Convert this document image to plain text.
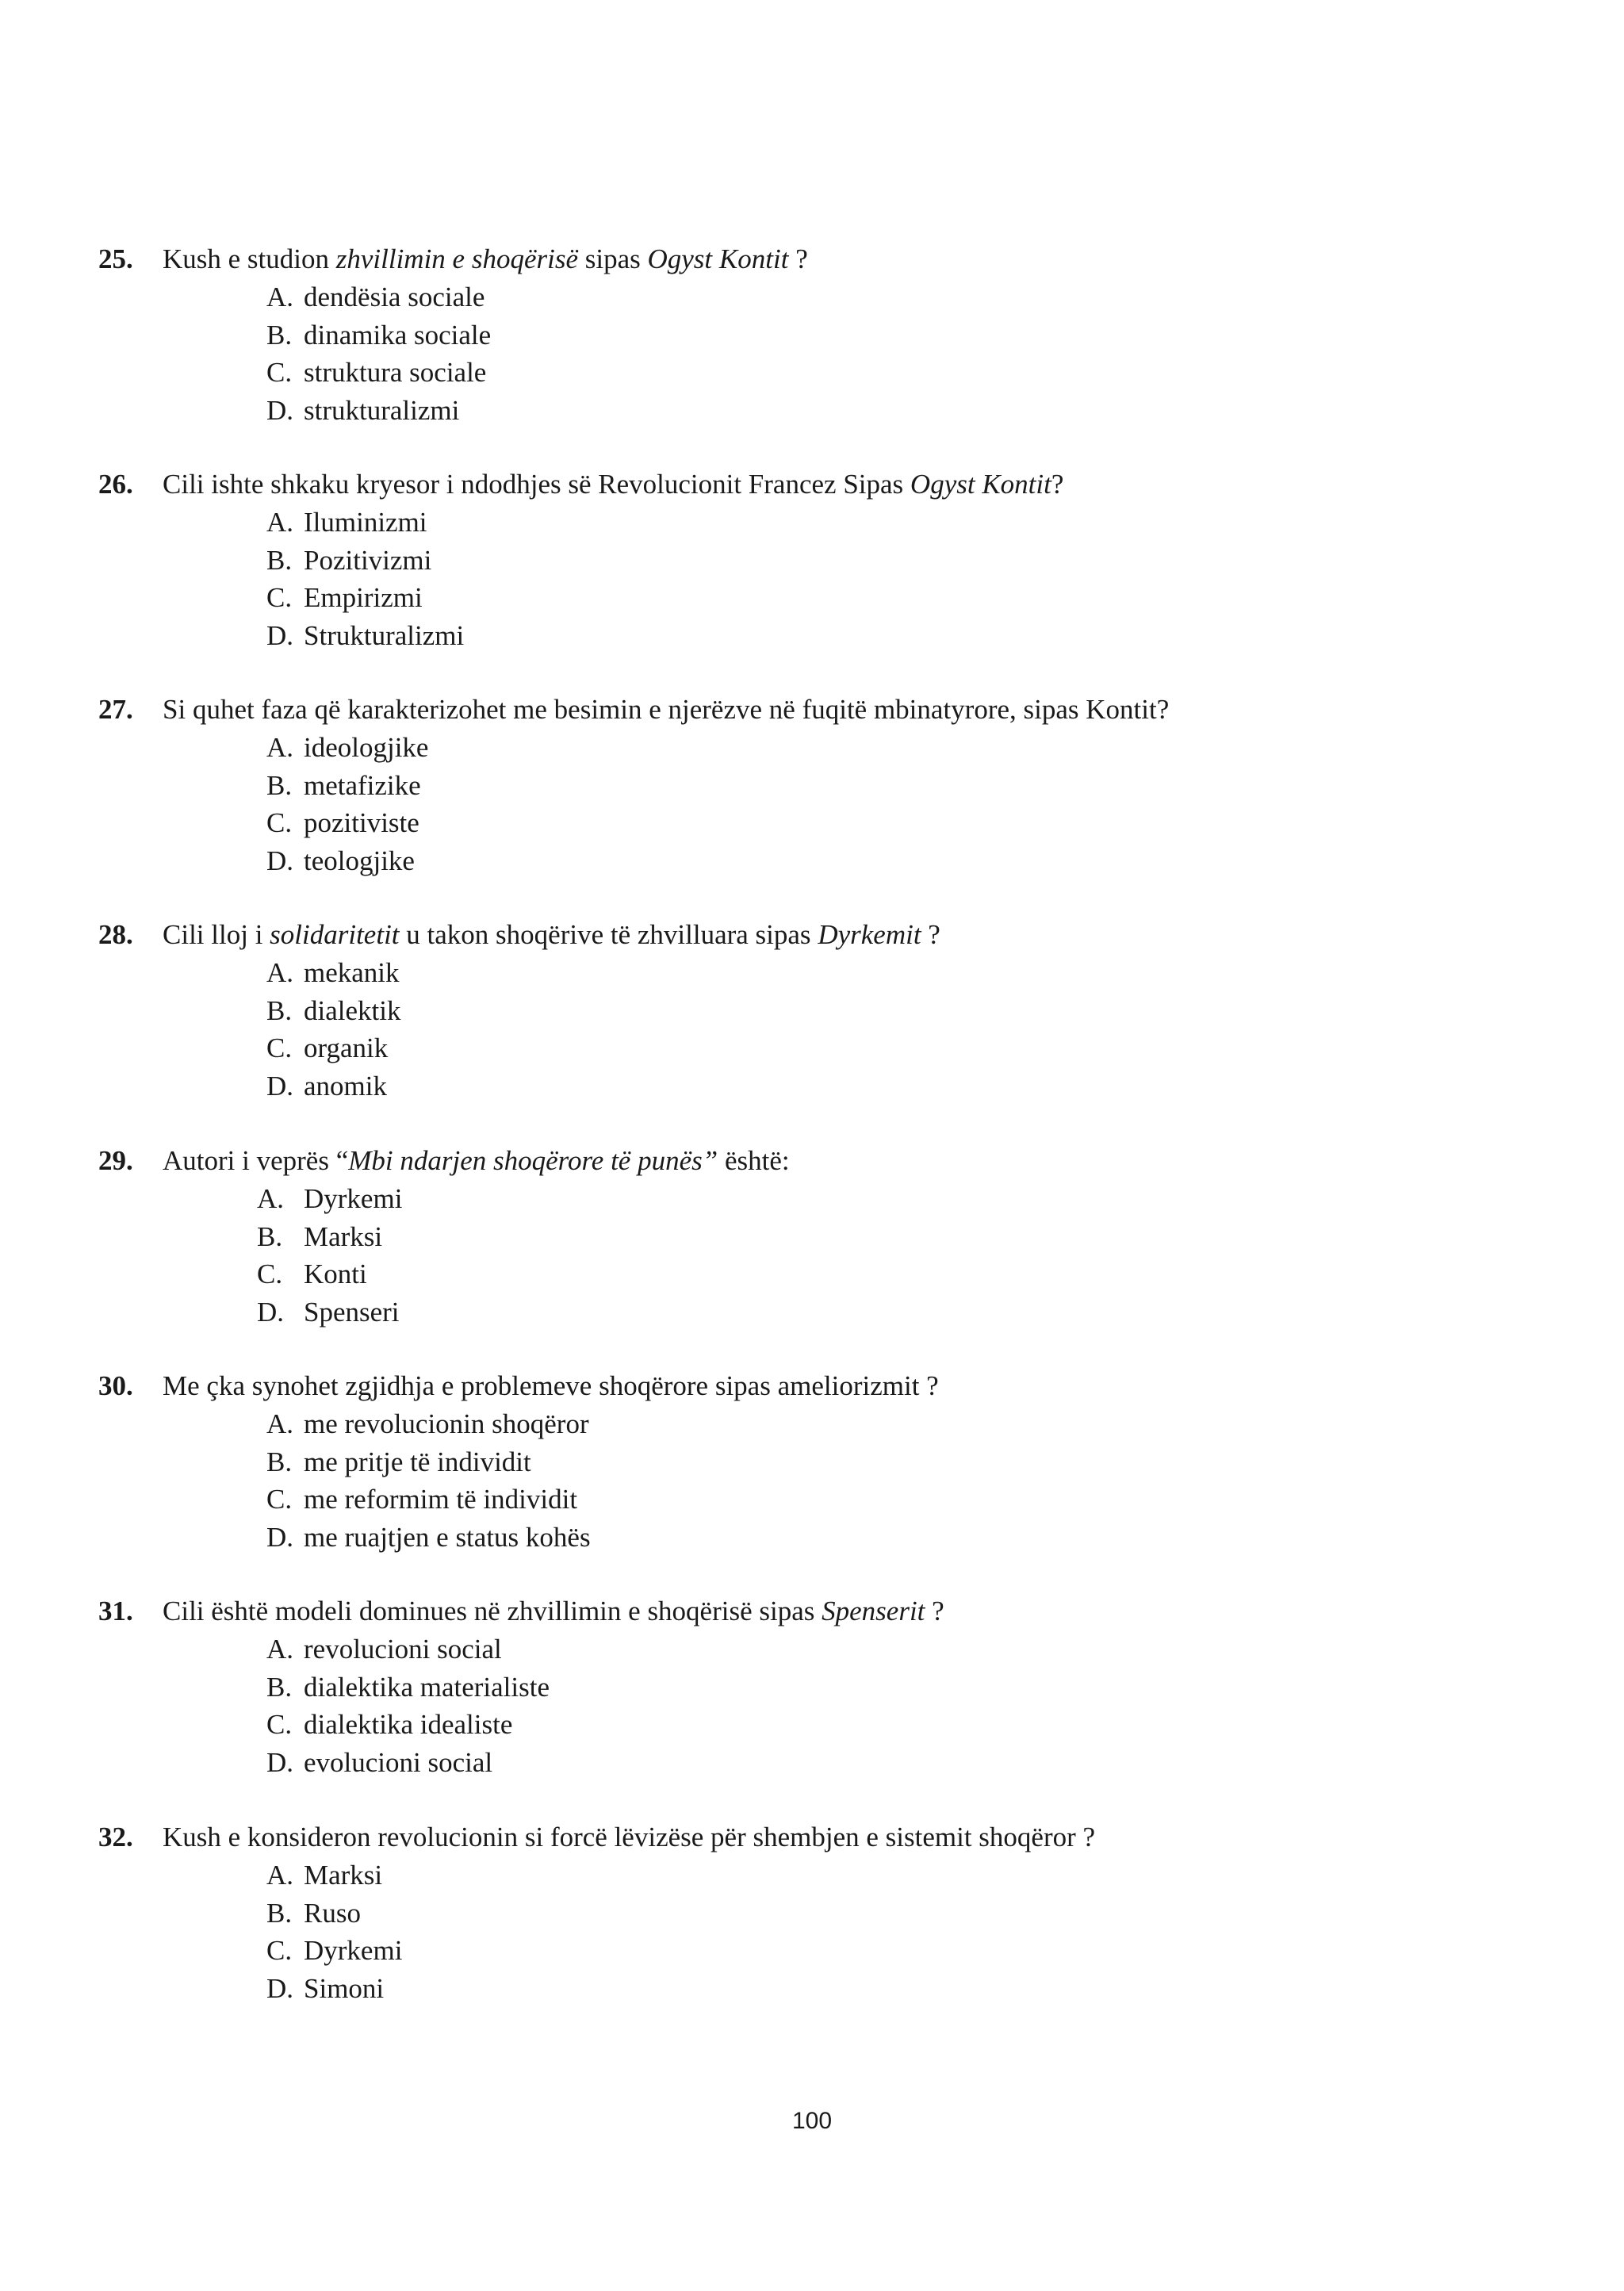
25. Kush e studion zhvillimin e shoqërisë sipas Ogyst Kontit ?
A. dendësia sociale
B. dinamika sociale
C. struktura sociale
D. strukturalizmi
26. Cili ishte shkaku kryesor i ndodhjes së Revolucionit Francez Sipas Ogyst Kontit?
A. Iluminizmi
B. Pozitivizmi
C. Empirizmi
D. Strukturalizmi
27. Si quhet faza që karakterizohet me besimin e njerëzve në fuqitë mbinatyrore, sipas Kontit?
A. ideologjike
B. metafizike
C. pozitiviste
D. teologjike
28. Cili lloj i solidaritetit u takon shoqërive të zhvilluara sipas Dyrkemit ?
A. mekanik
B. dialektik
C. organik
D. anomik
29. Autori i veprës “Mbi ndarjen shoqërore të punës” është:
A. Dyrkemi
B. Marksi
C. Konti
D. Spenseri
30. Me çka synohet zgjidhja e problemeve shoqërore sipas ameliorizmit ?
A. me revolucionin shoqëror
B. me pritje të individit
C. me reformim të individit
D. me ruajtjen e status kohës
31. Cili është modeli dominues në zhvillimin e shoqërisë sipas Spenserit ?
A. revolucioni social
B. dialektika materialiste
C. dialektika idealiste
D. evolucioni social
32. Kush e konsideron revolucionin si forcë lëvizëse për shembjen e sistemit shoqëror ?
A. Marksi
B. Ruso
C. Dyrkemi
D. Simoni
100
